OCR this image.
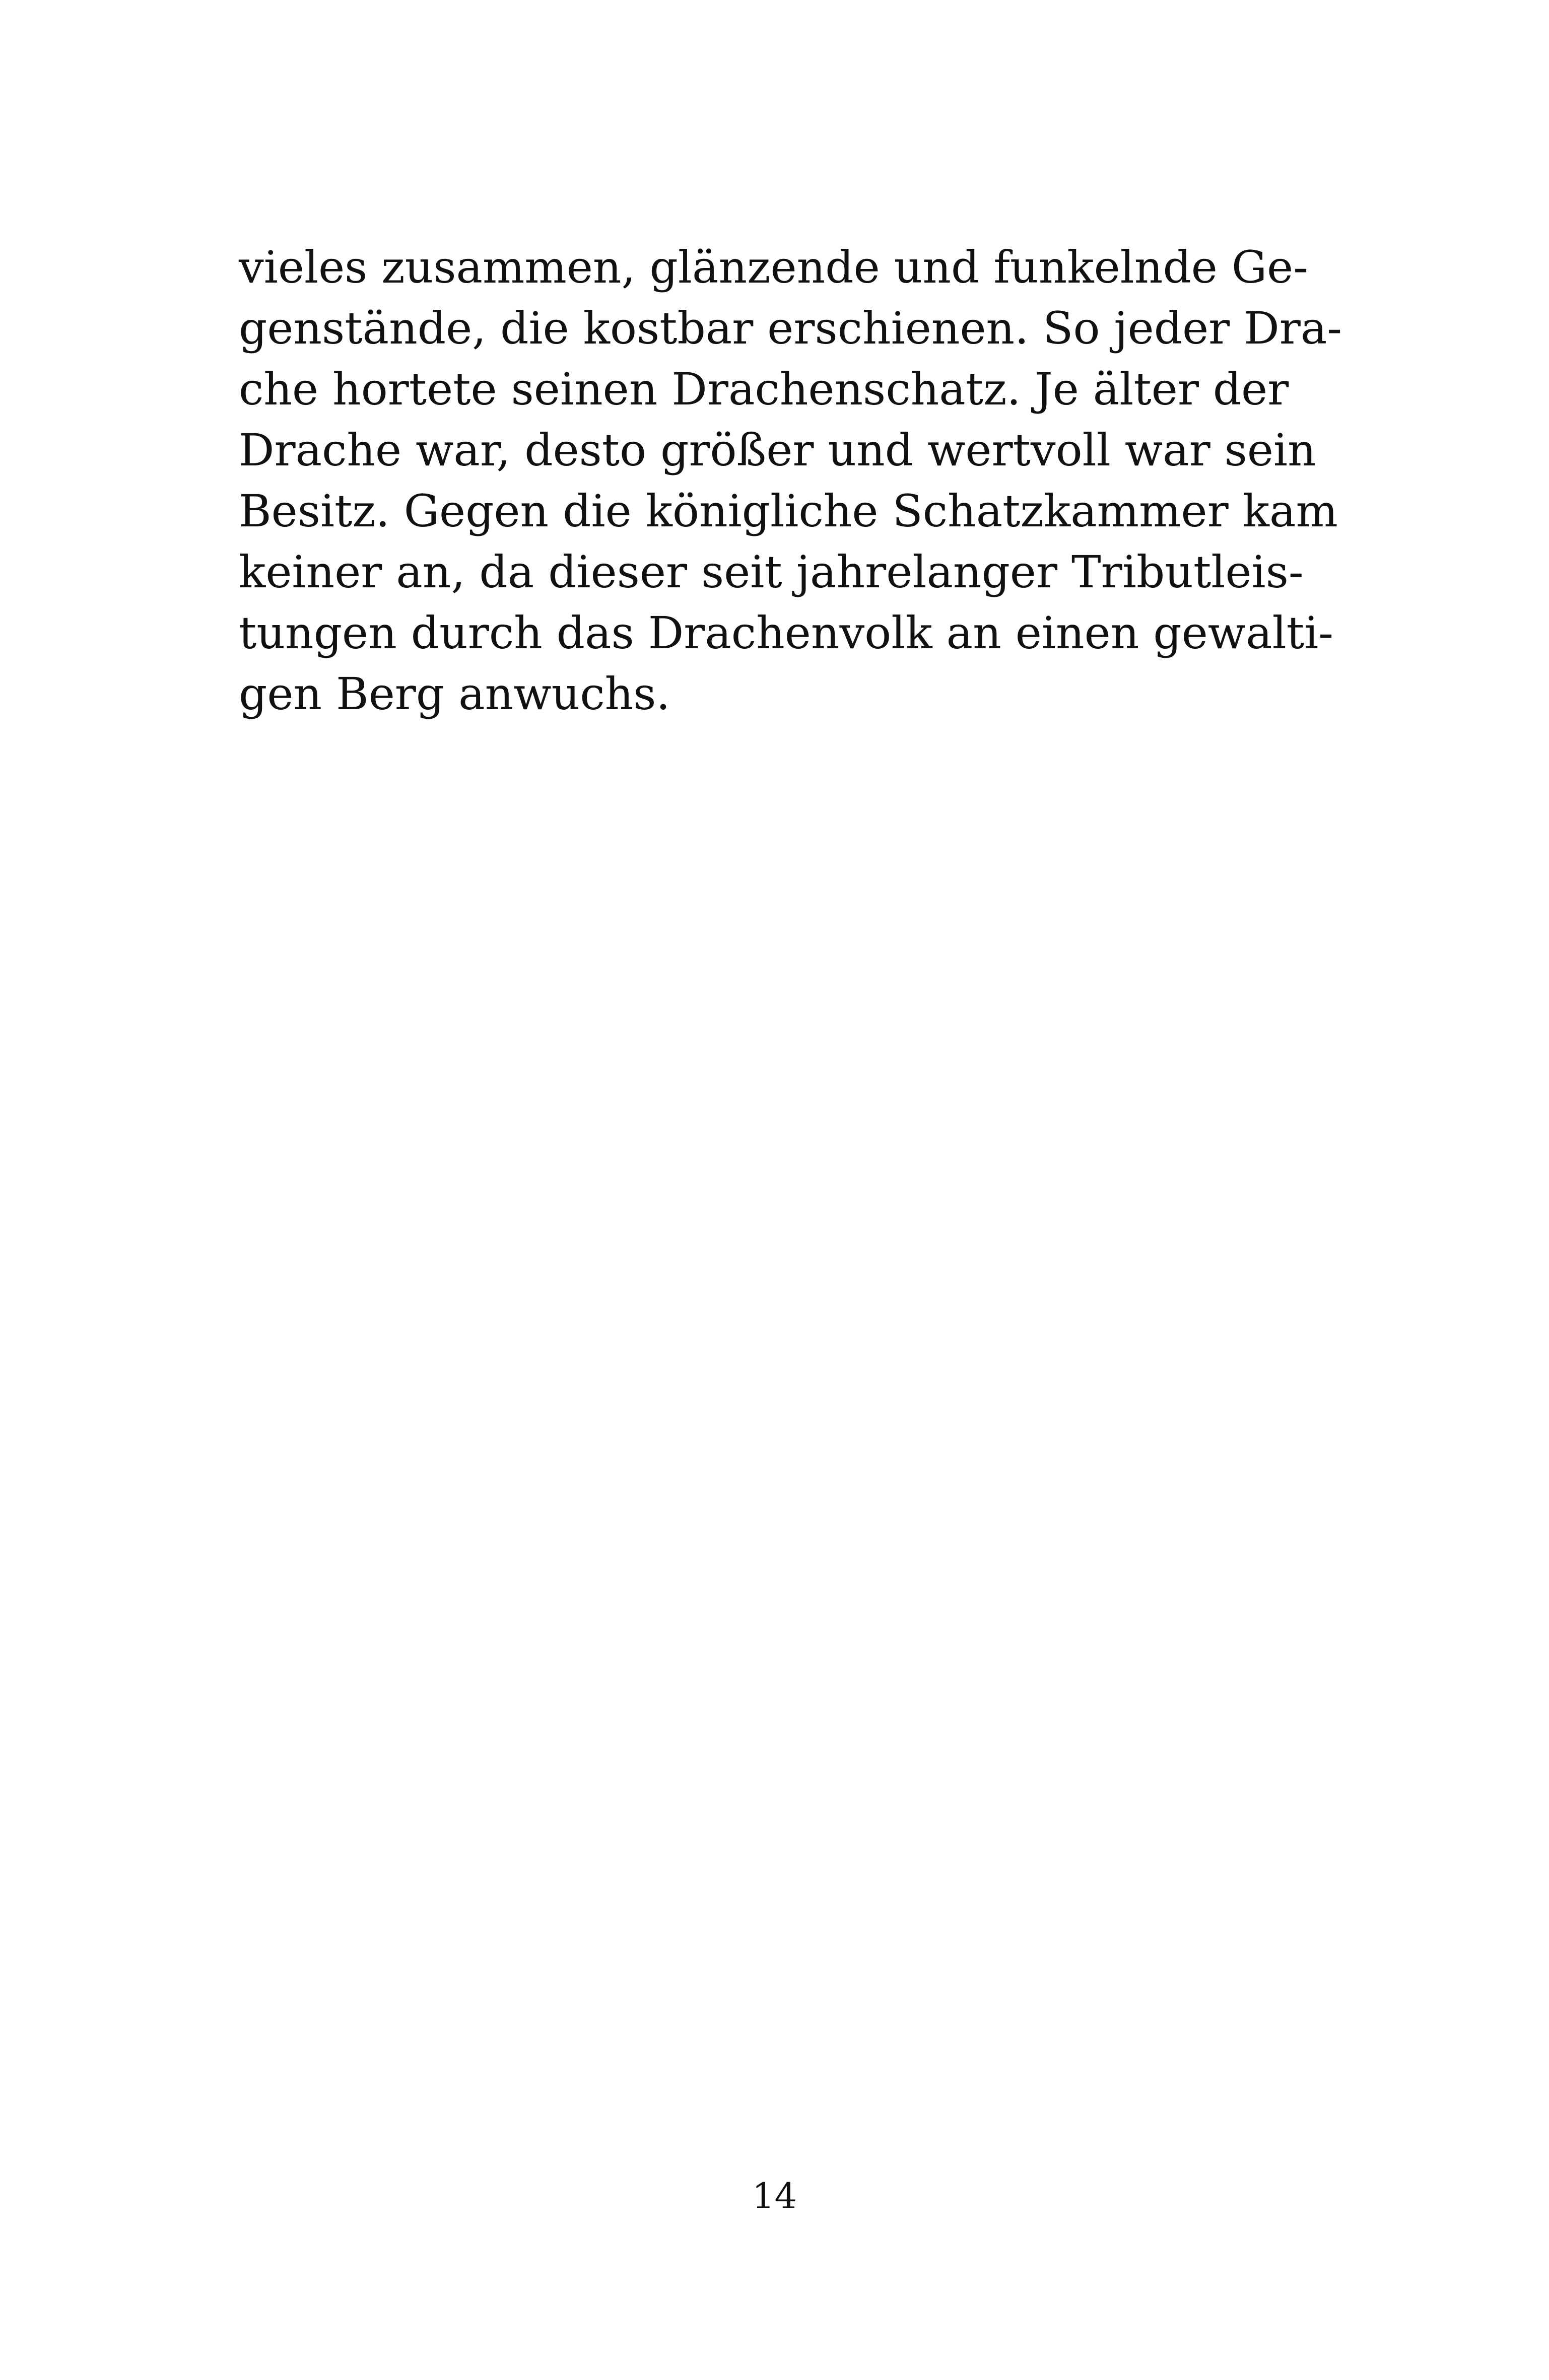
vieles zusammen, glänzende und funkelnde Ge-
genstände, die kostbar erschienen. So jeder Dra-
che hortete seinen Drachenschatz. Je älter der
Drache war, desto größer und wertvoll war sein
Besitz. Gegen die königliche Schatzkammer kam
keiner an, da dieser seit jahrelanger Tributleis-
tungen durch das Drachenvolk an einen gewalti-
gen Berg anwuchs.
14
